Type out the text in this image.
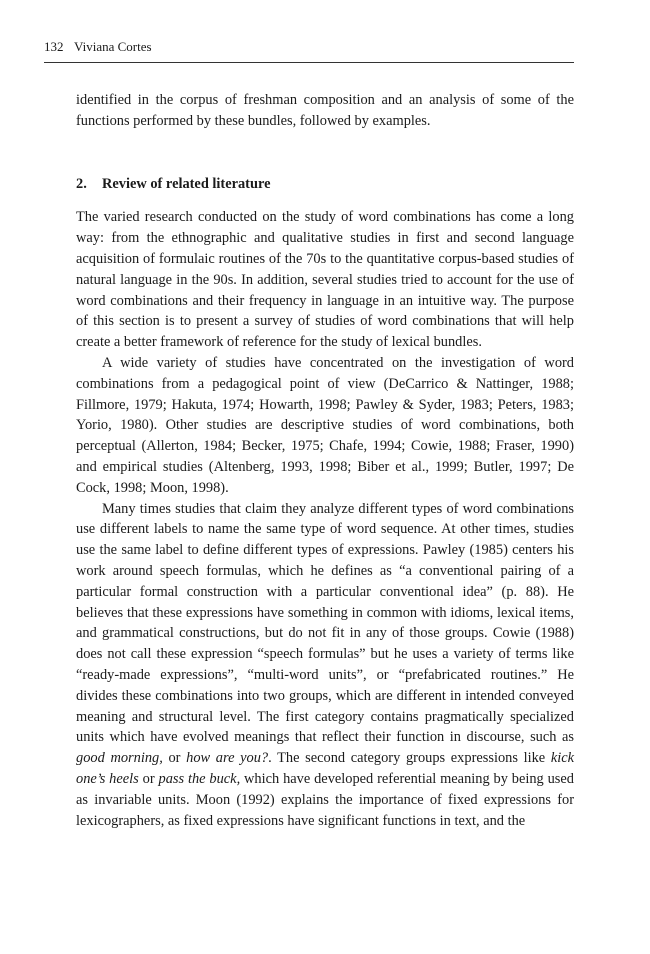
132 Viviana Cortes

identified in the corpus of freshman composition and an analysis of some of the functions performed by these bundles, followed by examples.

2. Review of related literature

The varied research conducted on the study of word combinations has come a long way: from the ethnographic and qualitative studies in first and second language acquisition of formulaic routines of the 70s to the quantitative corpus-based studies of natural language in the 90s. In addition, several studies tried to account for the use of word combinations and their frequency in language in an intuitive way. The purpose of this section is to present a survey of studies of word combinations that will help create a better framework of reference for the study of lexical bundles.

A wide variety of studies have concentrated on the investigation of word combinations from a pedagogical point of view (DeCarrico & Nattinger, 1988; Fillmore, 1979; Hakuta, 1974; Howarth, 1998; Pawley & Syder, 1983; Peters, 1983; Yorio, 1980). Other studies are descriptive studies of word combinations, both perceptual (Allerton, 1984; Becker, 1975; Chafe, 1994; Cowie, 1988; Fraser, 1990) and empirical studies (Altenberg, 1993, 1998; Biber et al., 1999; Butler, 1997; De Cock, 1998; Moon, 1998).

Many times studies that claim they analyze different types of word combinations use different labels to name the same type of word sequence. At other times, studies use the same label to define different types of expressions. Pawley (1985) centers his work around speech formulas, which he defines as “a conventional pairing of a particular formal construction with a particular conventional idea” (p. 88). He believes that these expressions have something in common with idioms, lexical items, and grammatical constructions, but do not fit in any of those groups. Cowie (1988) does not call these expression “speech formulas” but he uses a variety of terms like “ready-made expressions”, “multi-word units”, or “prefabricated routines.” He divides these combinations into two groups, which are different in intended conveyed meaning and structural level. The first category contains pragmatically specialized units which have evolved meanings that reflect their function in discourse, such as good morning, or how are you?. The second category groups expressions like kick one’s heels or pass the buck, which have developed referential meaning by being used as invariable units. Moon (1992) explains the importance of fixed expressions for lexicographers, as fixed expressions have significant functions in text, and the
